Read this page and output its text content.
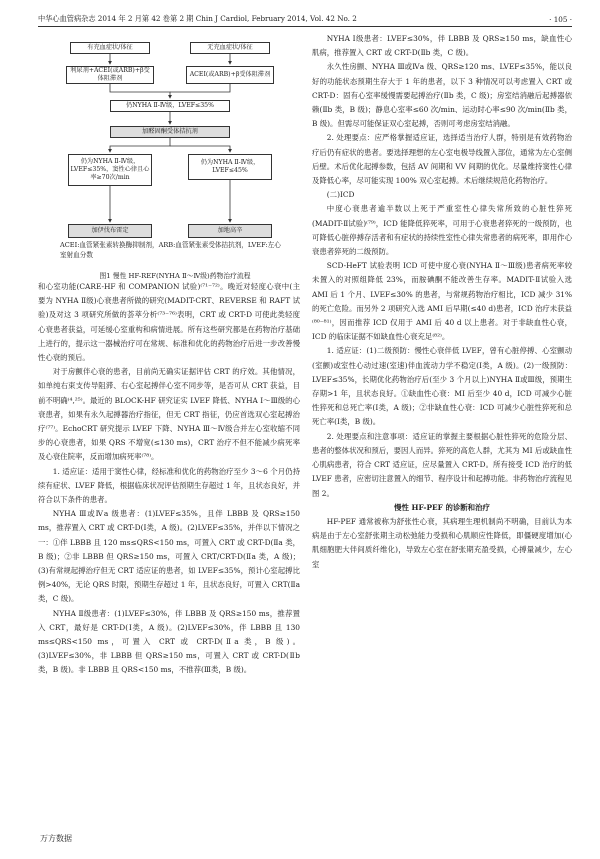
中华心血管病杂志 2014 年 2 月第 42 卷第 2 期 Chin J Cardiol, February 2014, Vol. 42 No. 2	· 105 ·
有充血症状/体征	无充血症状/体征
利尿剂+ACEI(或ARB)+β受体阻滞剂
ACEI(或ARB)+β受体阻滞剂
仍NYHA Ⅱ-Ⅳ级，LVEF≤35%
加醛固酮受体拮抗剂
仍为NYHA Ⅱ-Ⅳ级，LVEF≤35%，窦性心律且心率≥70次/min
仍为NYHA Ⅱ-Ⅳ级，LVEF≤45%
加伊伐布雷定	加地高辛
ACEI:血管紧张素转换酶抑制剂，ARB:血管紧张素受体拮抗剂，LVEF:左心室射血分数
图1 慢性 HF-REF(NYHA Ⅱ～Ⅳ级)药物治疗流程

和心室功能(CARE-HF 和 COMPANION 试验)⁽⁷¹⁻⁷²⁾。晚近对轻度心衰中(主要为 NYHA Ⅱ级)心衰患者所做的研究(MADIT-CRT、REVERSE 和 RAFT 试验)及对这 3 项研究所做的荟萃分析⁽⁷³⁻⁷⁶⁾表明，CRT 或 CRT-D 可使此类轻度心衰患者获益，可延缓心室重构和病情进展。所有这些研究都是在药物治疗基础上进行的，提示这一器械治疗可在常规、标准和优化的药物治疗后进一步改善慢性心衰的预后。

对于房颤伴心衰的患者，目前尚无确实证据评估 CRT 的疗效。其他情况，如单纯右束支传导阻滞、右心室起搏伴心室不同步等，是否可从 CRT 获益，目前不明确⁽⁴,²⁵⁾。最近的 BLOCK-HF 研究证实 LVEF 降低、NYHA Ⅰ～Ⅲ级的心衰患者，如果有永久起搏器治疗指征，但无 CRT 指征，仍应首选双心室起搏治疗⁽⁷⁷⁾。EchoCRT 研究提示 LVEF 下降、NYHA Ⅲ～Ⅳ级合并左心室收缩不同步的心衰患者，如果 QRS 不增宽(≤130 ms)，CRT 治疗不但不能减少病死率及心衰住院率，反而增加病死率⁽⁷⁸⁾。

1. 适应证：适用于窦性心律，经标准和优化的药物治疗至少 3～6 个月仍持续有症状、LVEF 降低，根据临床状况评估预期生存超过 1 年，且状态良好，并符合以下条件的患者。

NYHA Ⅲ或Ⅳa 级患者：(1)LVEF≤35%，且伴 LBBB 及 QRS≥150 ms，推荐置入 CRT 或 CRT-D(Ⅰ类，A 级)。(2)LVEF≤35%，并伴以下情况之一：①伴 LBBB 且 120 ms≤QRS<150 ms，可置入 CRT 或 CRT-D(Ⅱa 类，B 级)；②非 LBBB 但 QRS≥150 ms，可置入 CRT/CRT-D(Ⅱa 类，A 级)；(3)有常规起搏治疗但无 CRT 适应证的患者，如 LVEF≤35%，预计心室起搏比例>40%，无论 QRS 时限，预期生存超过 1 年，且状态良好，可置入 CRT(Ⅱa 类，C 级)。

NYHA Ⅱ级患者：(1)LVEF≤30%，伴 LBBB 及 QRS≥150 ms，推荐置入 CRT，最好是 CRT-D(Ⅰ类，A 级)。(2)LVEF≤30%，伴 LBBB 且 130 ms≤QRS<150 ms，可置入 CRT 或 CRT-D(Ⅱa 类，B 级)。(3)LVEF≤30%，非 LBBB 但 QRS≥150 ms，可置入 CRT 或 CRT-D(Ⅱb 类，B 级)。非 LBBB 且 QRS<150 ms，不推荐(Ⅲ类，B 级)。

NYHA Ⅰ级患者：LVEF≤30%，伴 LBBB 及 QRS≥150 ms，缺血性心肌病，推荐置入 CRT 或 CRT-D(Ⅱb 类，C 级)。

永久性房颤、NYHA Ⅲ或Ⅳa 级、QRS≥120 ms、LVEF≤35%，能以良好的功能状态预期生存大于 1 年的患者，以下 3 种情况可以考虑置入 CRT 或 CRT-D：固有心室率缓慢需要起搏治疗(Ⅱb 类，C 级)；房室结消融后起搏器依赖(Ⅱb 类，B 级)；静息心室率≤60 次/min、运动时心率≤90 次/min(Ⅱb 类，B 级)。但需尽可能保证双心室起搏，否则可考虑房室结消融。

2. 处理要点：应严格掌握适应证，选择适当治疗人群，特别是有效药物治疗后仍有症状的患者。要选择理想的左心室电极导线置入部位，通常为左心室侧后壁。术后优化起搏参数，包括 AV 间期和 VV 间期的优化。尽量维持窦性心律及降低心率，尽可能实现 100% 双心室起搏。术后继续规范化药物治疗。

(二)ICD

中度心衰患者逾半数以上死于严重室性心律失常所致的心脏性猝死(MADIT-Ⅱ试验)⁽⁷⁹⁾，ICD 能降低猝死率，可用于心衰患者猝死的一级预防，也可降低心脏停搏存活者和有症状的持续性室性心律失常患者的病死率，即用作心衰患者猝死的二级预防。

SCD-HeFT 试验表明 ICD 可使中度心衰(NYHA Ⅱ～Ⅲ级)患者病死率较未置入的对照组降低 23%，而胺碘酮不能改善生存率。MADIT-Ⅱ试验入选 AMI 后 1 个月、LVEF≤30% 的患者，与常规药物治疗相比，ICD 减少 31% 的死亡危险。而另外 2 项研究入选 AMI 后早期(≤40 d)患者，ICD 治疗未获益⁽⁸⁰⁻⁸¹⁾，因而推荐 ICD 仅用于 AMI 后 40 d 以上患者。对于非缺血性心衰，ICD 的临床证据不如缺血性心衰充足⁽⁸²⁾。

1. 适应证：(1)二级预防：慢性心衰伴低 LVEF，曾有心脏停搏、心室颤动(室颤)或室性心动过速(室速)伴血流动力学不稳定(Ⅰ类，A 级)。(2)一级预防：LVEF≤35%，长期优化药物治疗后(至少 3 个月以上)NYHA Ⅱ或Ⅲ级，预期生存期>1 年，且状态良好。①缺血性心衰：MI 后至少 40 d，ICD 可减少心脏性猝死和总死亡率(Ⅰ类，A 级)；②非缺血性心衰：ICD 可减少心脏性猝死和总死亡率(Ⅰ类，B 级)。

2. 处理要点和注意事项：适应证的掌握主要根据心脏性猝死的危险分层、患者的整体状况和预后，要因人而异。猝死的高危人群，尤其为 MI 后或缺血性心肌病患者，符合 CRT 适应证，应尽量置入 CRT-D。所有接受 ICD 治疗的低 LVEF 患者，应密切注意置入的细节、程序设计和起搏功能。非药物治疗流程见图 2。

慢性 HF-PEF 的诊断和治疗

HF-PEF 通常被称为舒张性心衰，其病理生理机制尚不明确，目前认为本病是由于左心室舒张期主动松弛能力受损和心肌顺应性降低，即僵硬度增加(心肌细胞肥大伴间质纤维化)，导致左心室在舒张期充盈受损，心搏量减少，左心室

万方数据
